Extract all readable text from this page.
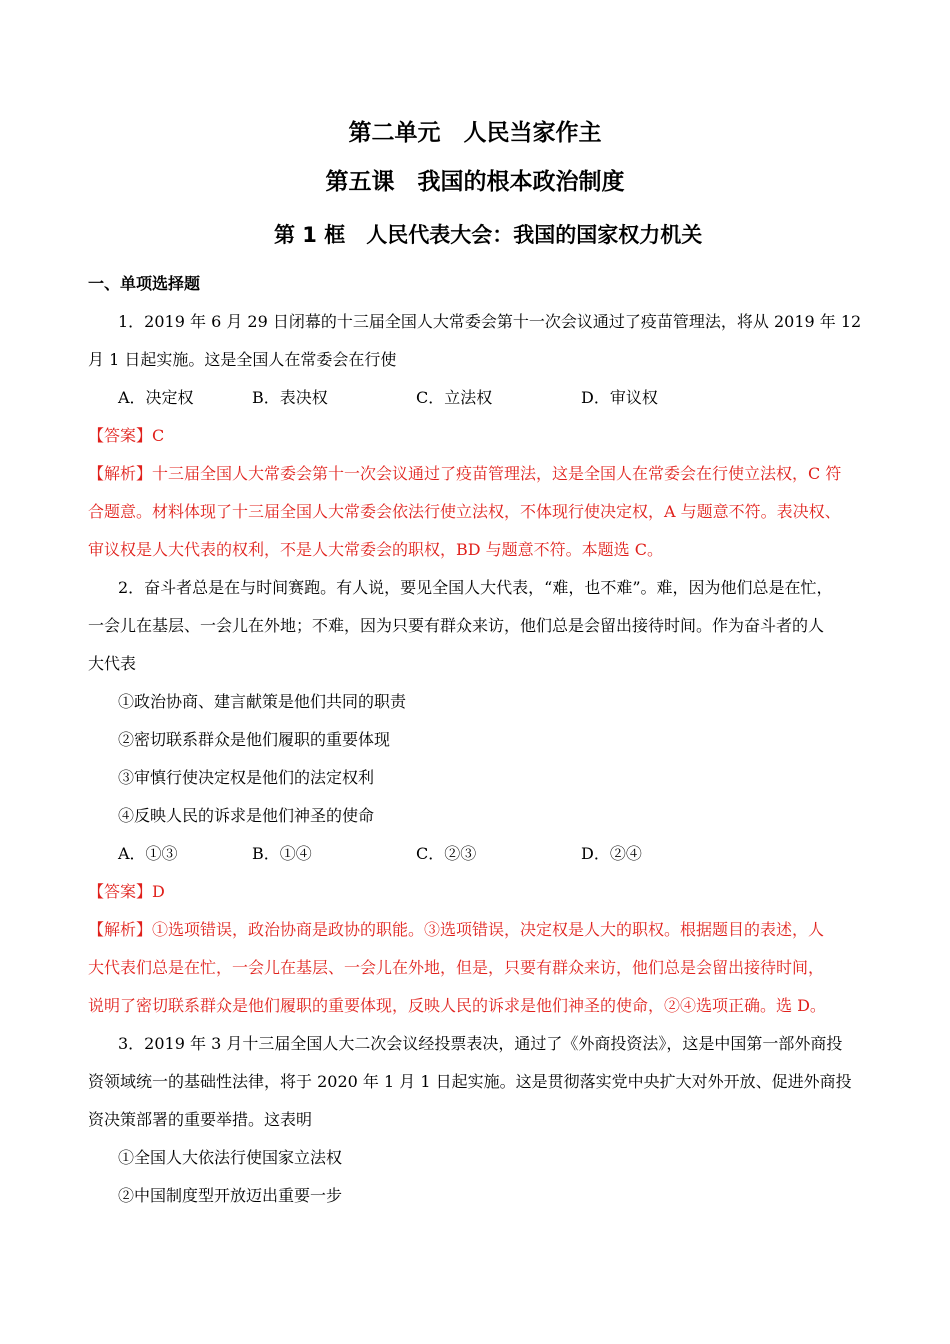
第二单元　人民当家作主
第五课　我国的根本政治制度
第 1 框　人民代表大会：我国的国家权力机关
一、单项选择题
1．2019 年 6 月 29 日闭幕的十三届全国人大常委会第十一次会议通过了疫苗管理法，将从 2019 年 12
月 1 日起实施。这是全国人在常委会在行使
A．决定权	B．表决权	C．立法权	D．审议权
【答案】C
【解析】十三届全国人大常委会第十一次会议通过了疫苗管理法，这是全国人在常委会在行使立法权，C 符
合题意。材料体现了十三届全国人大常委会依法行使立法权，不体现行使决定权，A 与题意不符。表决权、
审议权是人大代表的权利，不是人大常委会的职权，BD 与题意不符。本题选 C。
2．奋斗者总是在与时间赛跑。有人说，要见全国人大代表，“难，也不难”。难，因为他们总是在忙，
一会儿在基层、一会儿在外地；不难，因为只要有群众来访，他们总是会留出接待时间。作为奋斗者的人
大代表
①政治协商、建言献策是他们共同的职责
②密切联系群众是他们履职的重要体现
③审慎行使决定权是他们的法定权利
④反映人民的诉求是他们神圣的使命
A．①③	B．①④	C．②③	D．②④
【答案】D
【解析】①选项错误，政治协商是政协的职能。③选项错误，决定权是人大的职权。根据题目的表述，人
大代表们总是在忙，一会儿在基层、一会儿在外地，但是，只要有群众来访，他们总是会留出接待时间，
说明了密切联系群众是他们履职的重要体现，反映人民的诉求是他们神圣的使命，②④选项正确。选 D。
3．2019 年 3 月十三届全国人大二次会议经投票表决，通过了《外商投资法》，这是中国第一部外商投
资领域统一的基础性法律，将于 2020 年 1 月 1 日起实施。这是贯彻落实党中央扩大对外开放、促进外商投
资决策部署的重要举措。这表明
①全国人大依法行使国家立法权
②中国制度型开放迈出重要一步
